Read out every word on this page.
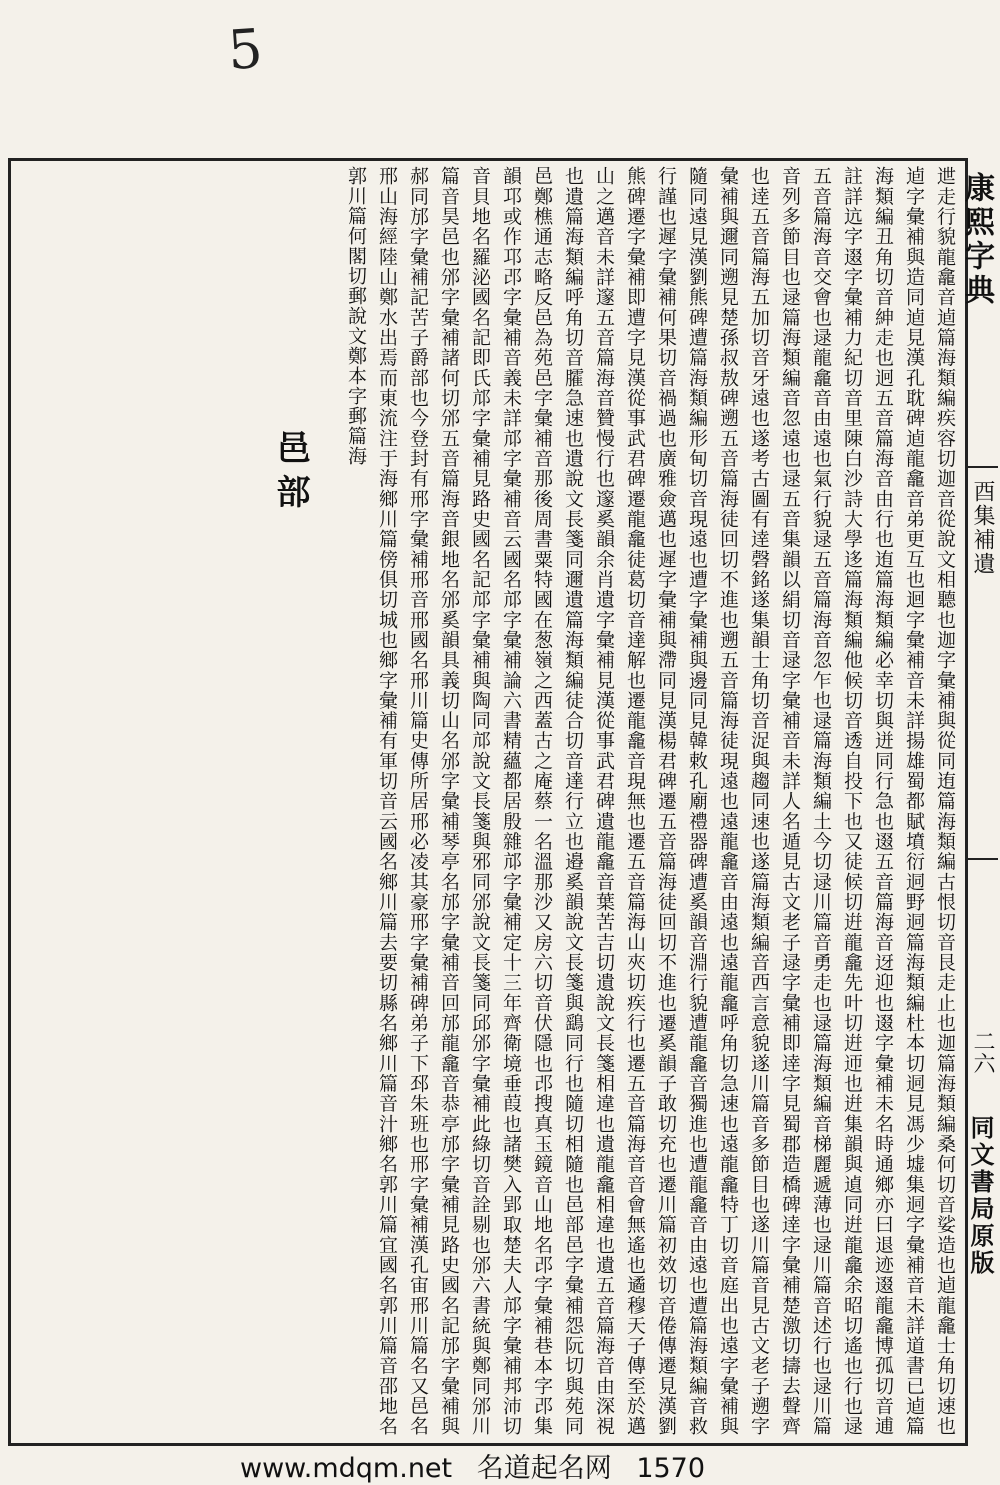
5
康熙字典
酉集補遺
二六
同文書局原版

迣走行貌龍龕音逌篇海類編疾容切迦音從說文相聽也迦字彙補與從同迶篇海類編古恨切音艮走止也迦篇海類編桑何切音娑造也逌龍龕士角切速也逌字彙補與造同逌見漢孔耽碑逌龍龕音弟更互也迴字彙補音未詳揚雄蜀都賦墳衍迵野迵篇海類編杜本切迵見馮少墟集迵字彙補音未詳道書已逌篇海類編丑角切音紳走也迥五音篇海音由行也迶篇海類編必幸切與迸同行急也逫五音篇海音迓迎也逫字彙補未名時通鄉亦曰退迹逫龍龕博孤切音逋註詳迒字逫字彙補力紀切音里陳白沙詩大學迻篇海類編他候切音透自投下也又徒候切逬龍龕先叶切逬迊也逬集韻與遉同逬龍龕余昭切遙也行也逯五音篇海音交會也逯龍龕音由遠也氣行貌逯五音篇海音忽乍也逯篇海類編土今切逯川篇音勇走也逯篇海類編音梯麗遞薄也逯川篇音述行也逯川篇音列多節目也逯篇海類編音忽遠也逯五音集韻以絹切音逯字彙補音未詳人名遁見古文老子逯字彙補即逹字見蜀郡造橋碑逹字彙補楚激切擣去聲齊也逹五音篇海五加切音牙遠也遂考古圖有逹磬銘遂集韻士角切音浞與趨同速也遂篇海類編音西言意貌遂川篇音多節目也遂川篇音見古文老子遡字彙補與邇同遡見楚孫叔敖碑遡五音篇海徒回切不進也遡五音篇海徒現遠也遠龍龕音由遠也遠龍龕呼角切急速也遠龍龕特丁切音庭出也遠字彙補與隨同遠見漢劉熊碑遭篇海類編形甸切音現遠也遭字彙補與邊同見韓敕孔廟禮器碑遭奚韻音淵行貌遭龍龕音獨進也遭龍龕音由遠也遭篇海類編音救行謹也遲字彙補何果切音禍過也廣雅僉邁也遲字彙補與滯同見漢楊君碑遷五音篇海徒回切不進也遷奚韻子敢切充也遷川篇初效切音倦傳遷見漢劉熊碑遷字彙補即遭字見漢從事武君碑遷龍龕徒葛切音達解也遷龍龕音現無也遷五音篇海山夾切疾行也遷五音篇海音音會無遙也遹穆天子傳至於邁山之邁音未詳邃五音篇海音贊慢行也邃奚韻余肖遺字彙補見漢從事武君碑遺龍龕音葉苦吉切遺說文長箋相違也遺龍龕相違也遺五音篇海音由深視也遺篇海類編呼角切音臛急速也遺說文長箋同邇遺篇海類編徒合切音達行立也邉奚韻說文長箋與鷂同行也隨切相隨也邑部邑字彙補怨阮切與苑同邑鄭樵通志略反邑為苑邑字彙補音那後周書粟特國在葱嶺之西蓋古之庵蔡一名溫那沙又房六切音伏隱也邔搜真玉鏡音山地名邔字彙補巷本字邔集韻邛或作邛邔字彙補音義未詳邟字彙補音云國名邟字彙補論六書精蘊都居殷雜邟字彙補定十三年齊衛境垂葭也諸樊入郢取楚夫人邟字彙補邦沛切音貝地名羅泌國名記即氏邟字彙補見路史國名記邟字彙補與陶同邟說文長箋與邪同邠說文長箋同邱邠字彙補此綠切音詮剔也邠六書統與鄭同邠川篇音昊邑也邠字彙補諸何切邠五音篇海音銀地名邠奚韻具義切山名邠字彙補琴亭名邡字彙補音回邡龍龕音恭亭邡字彙補見路史國名記邡字彙補與郝同邡字彙補記苦子爵部也今登封有邢字彙補邢音邢國名邢川篇史傳所居邢必凌其豪邢字彙補碑弟子下邳朱班也邢字彙補漢孔宙邢川篇名又邑名邢山海經陸山鄭水出焉而東流注于海鄉川篇傍俱切城也鄉字彙補有軍切音云國名鄉川篇去要切縣名鄉川篇音汁鄉名郭川篇宜國名郭川篇音邵地名郭川篇何閣切郵說文鄭本字郵篇海

邑部
www.mdqm.net 名道起名网 1570
